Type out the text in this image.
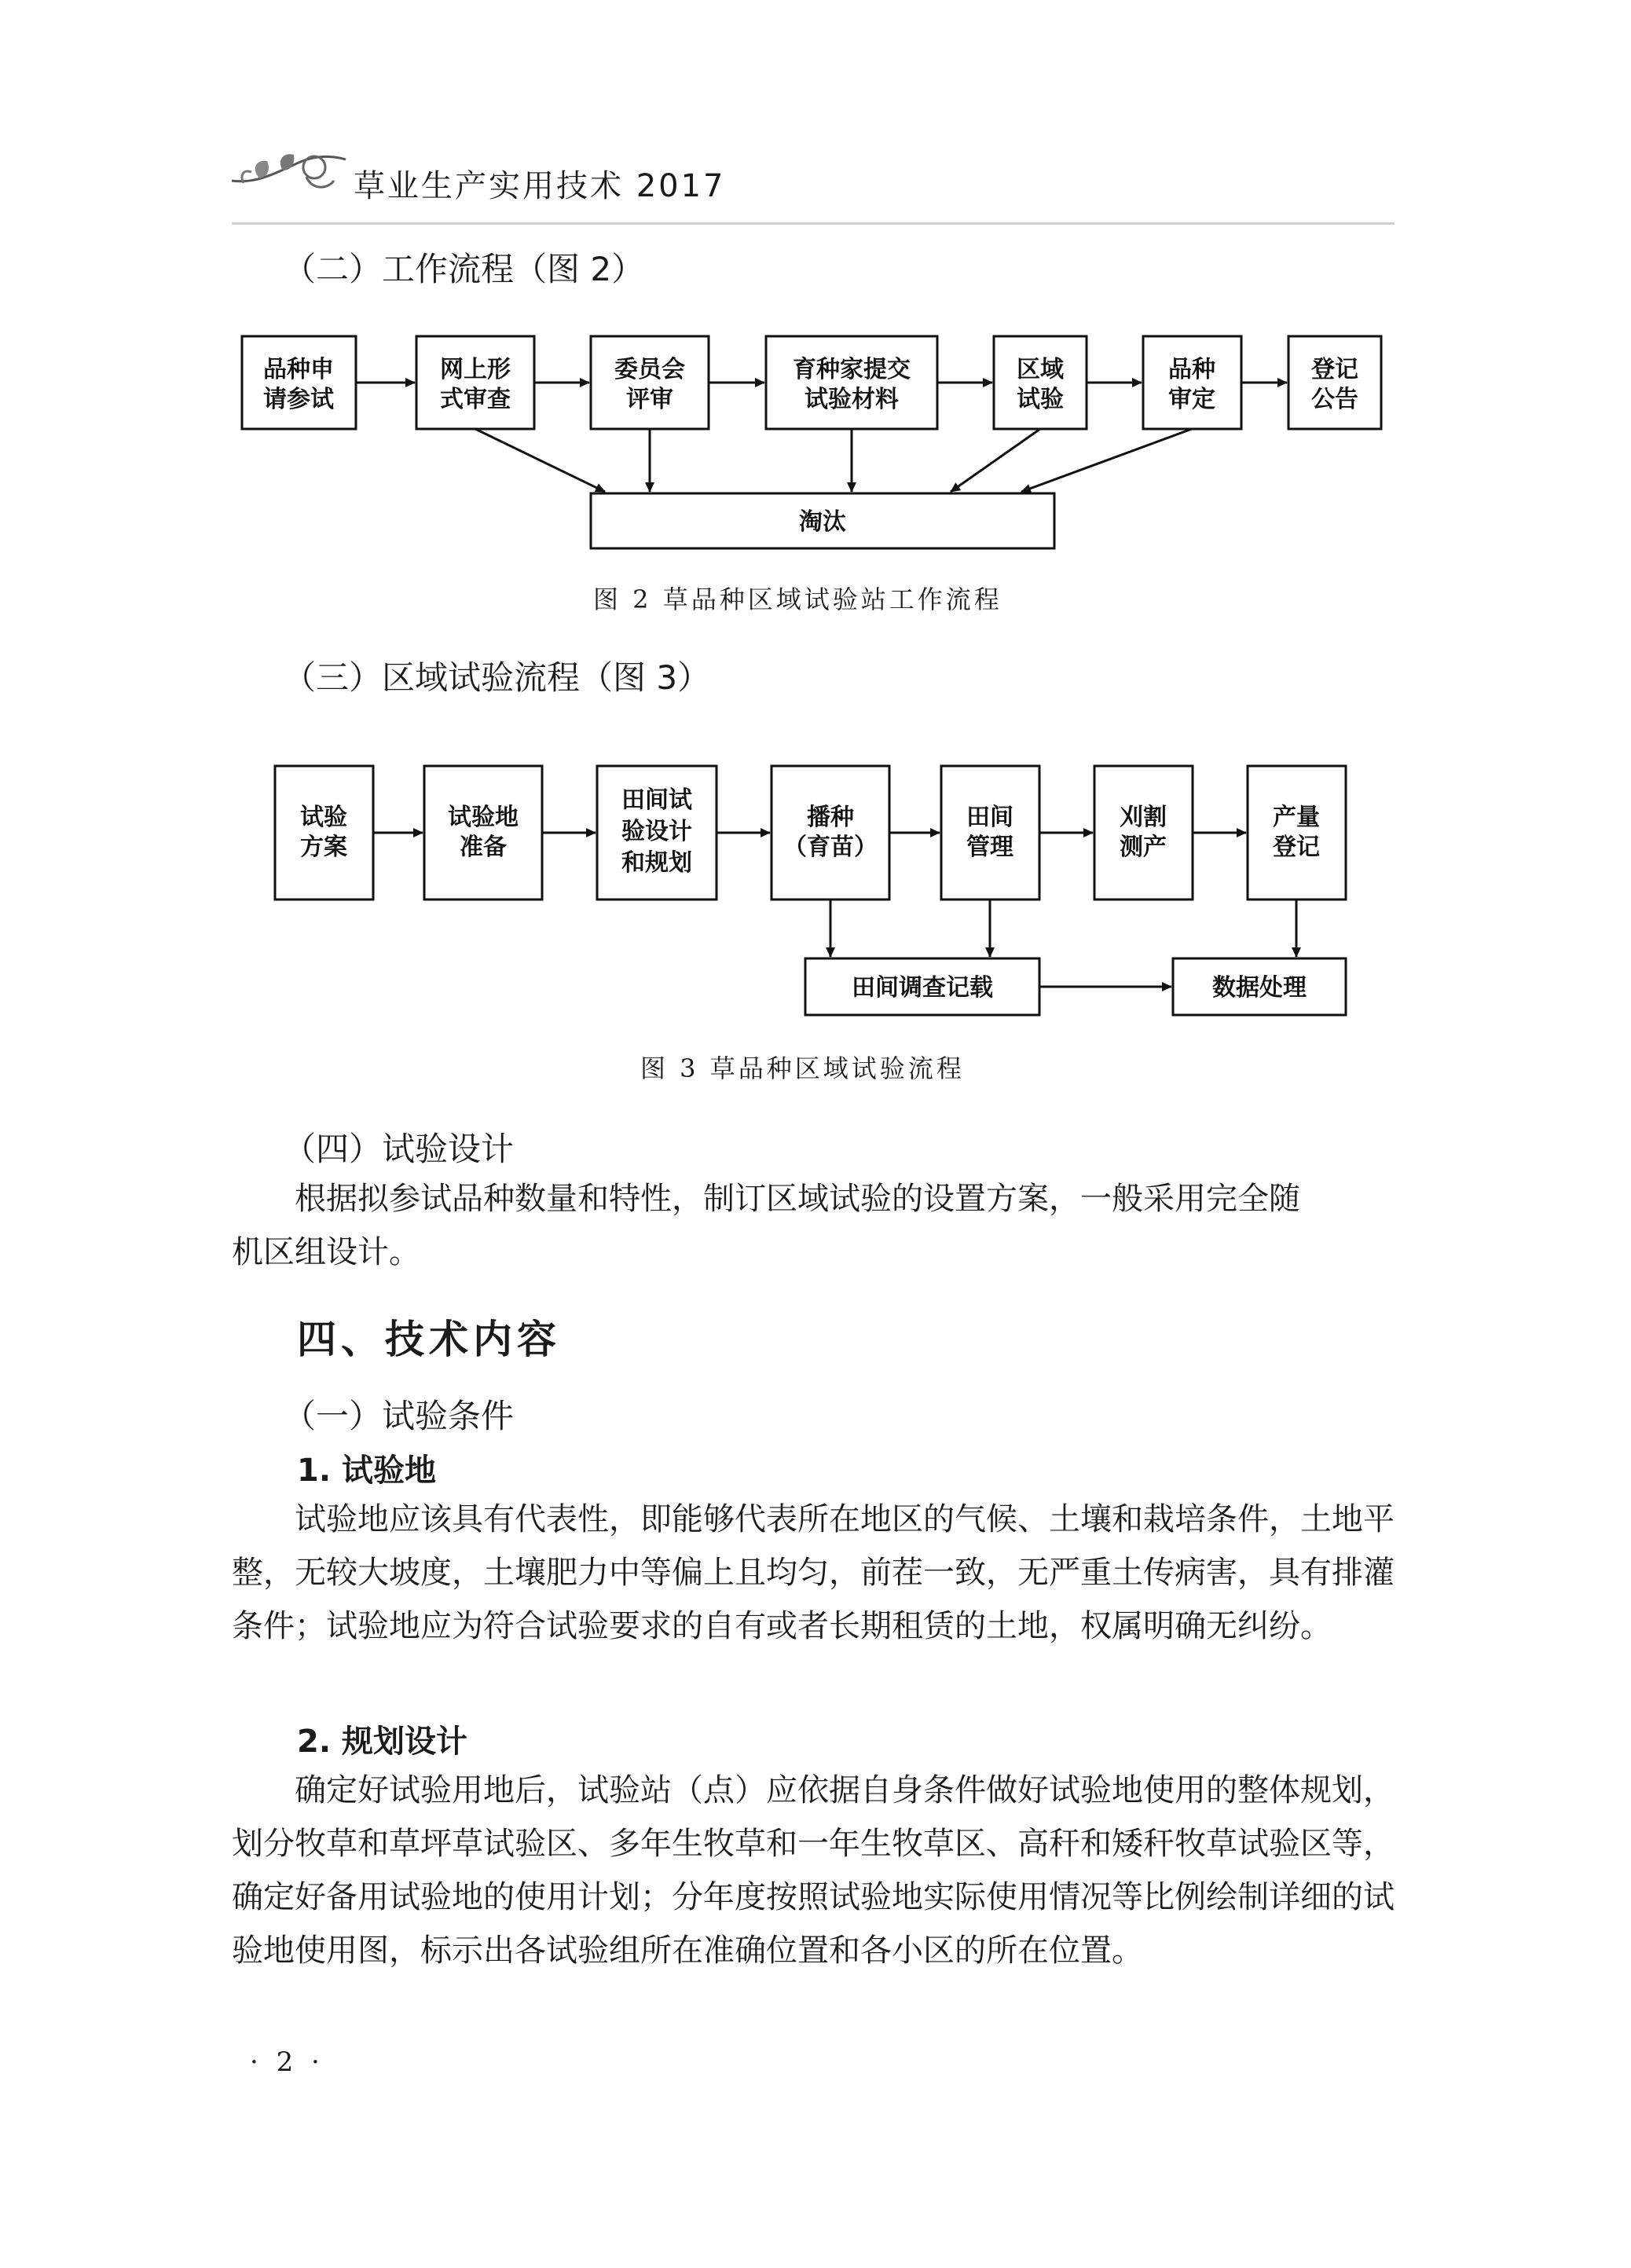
草业生产实用技术 2017
（二）工作流程（图 2）
品种申
请参试
网上形
式审查
委员会
评审
育种家提交
试验材料
区域
试验
品种
审定
登记
公告
淘汰
图 2 草品种区域试验站工作流程
（三）区域试验流程（图 3）
试验
方案
试验地
准备
田间试
验设计
和规划
播种
（育苗）
田间
管理
刈割
测产
产量
登记
田间调查记载	数据处理
图 3 草品种区域试验流程
（四）试验设计

根据拟参试品种数量和特性，制订区域试验的设置方案，一般采用完全随

机区组设计。

四、技术内容
（一）试验条件
1. 试验地

试验地应该具有代表性，即能够代表所在地区的气候、土壤和栽培条件，土地平整，无较大坡度，土壤肥力中等偏上且均匀，前茬一致，无严重土传病害，具有排灌条件；试验地应为符合试验要求的自有或者长期租赁的土地，权属明确无纠纷。

2. 规划设计

确定好试验用地后，试验站（点）应依据自身条件做好试验地使用的整体规划，划分牧草和草坪草试验区、多年生牧草和一年生牧草区、高秆和矮秆牧草试验区等，确定好备用试验地的使用计划；分年度按照试验地实际使用情况等比例绘制详细的试验地使用图，标示出各试验组所在准确位置和各小区的所在位置。

· 2 ·
